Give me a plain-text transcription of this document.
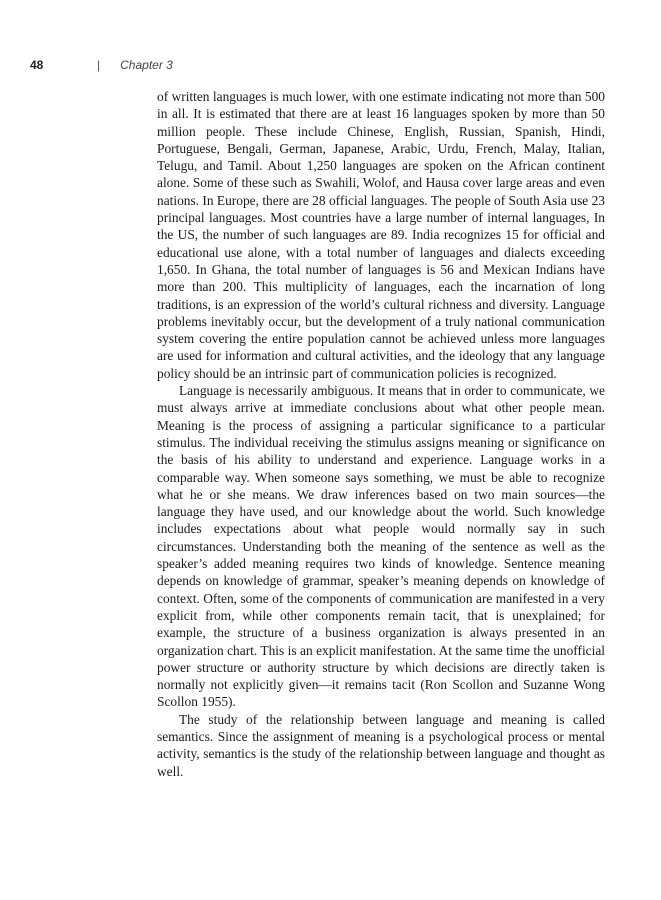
48	| Chapter 3

of written languages is much lower, with one estimate indicating not more than 500 in all. It is estimated that there are at least 16 languages spoken by more than 50 million people. These include Chinese, English, Russian, Spanish, Hindi, Portuguese, Bengali, German, Japanese, Arabic, Urdu, French, Malay, Italian, Telugu, and Tamil. About 1,250 languages are spoken on the African continent alone. Some of these such as Swahili, Wolof, and Hausa cover large areas and even nations. In Europe, there are 28 official languages. The people of South Asia use 23 principal languages. Most countries have a large number of internal languages, In the US, the number of such languages are 89. India recognizes 15 for official and educational use alone, with a total number of languages and dialects exceeding 1,650. In Ghana, the total number of languages is 56 and Mexican Indians have more than 200. This multiplicity of languages, each the incarnation of long traditions, is an expression of the world’s cultural richness and diversity. Language problems inevitably occur, but the development of a truly national communication system covering the entire population cannot be achieved unless more languages are used for information and cultural activities, and the ideology that any language policy should be an intrinsic part of communication policies is recognized.

Language is necessarily ambiguous. It means that in order to communicate, we must always arrive at immediate conclusions about what other people mean. Meaning is the process of assigning a particular significance to a particular stimulus. The individual receiving the stimulus assigns meaning or significance on the basis of his ability to understand and experience. Language works in a comparable way. When someone says something, we must be able to recognize what he or she means. We draw inferences based on two main sources—the language they have used, and our knowledge about the world. Such knowledge includes expectations about what people would normally say in such circumstances. Understanding both the meaning of the sentence as well as the speaker’s added meaning requires two kinds of knowledge. Sentence meaning depends on knowledge of grammar, speaker’s meaning depends on knowledge of context. Often, some of the components of communication are manifested in a very explicit from, while other components remain tacit, that is unexplained; for example, the structure of a business organization is always presented in an organization chart. This is an explicit manifestation. At the same time the unofficial power structure or authority structure by which decisions are directly taken is normally not explicitly given—it remains tacit (Ron Scollon and Suzanne Wong Scollon 1955).

The study of the relationship between language and meaning is called semantics. Since the assignment of meaning is a psychological process or mental activity, semantics is the study of the relationship between language and thought as well.
